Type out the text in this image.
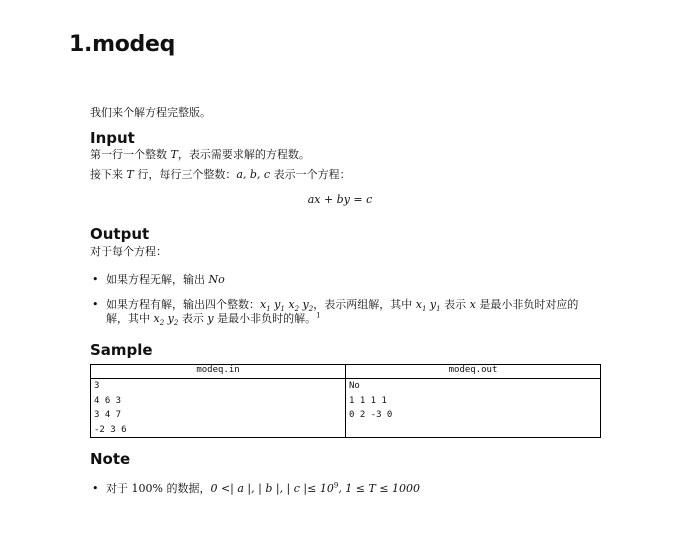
1.modeq

我们来个解方程完整版。

Input

第一行一个整数 T，表示需要求解的方程数。

接下来 T 行，每行三个整数：a, b, c 表示一个方程：

ax + by = c
Output

对于每个方程：

• 如果方程无解，输出 No
• 如果方程有解，输出四个整数：$x_1$ $y_1$ $x_2$ $y_2$，表示两组解，其中 $x_1$ $y_1$ 表示 x 是最小非负时对应的
解，其中 $x_2$ $y_2$ 表示 y 是最小非负时的解。$^1$
Sample
modeq.in	modeq.out
3
4 6 3
3 4 7
-2 3 6	No
1 1 1 1
0 2 -3 0
Note
• 对于 100% 的数据，0 <| a |, | b |, | c |≤ $10^9$, 1 ≤ T ≤ 1000
